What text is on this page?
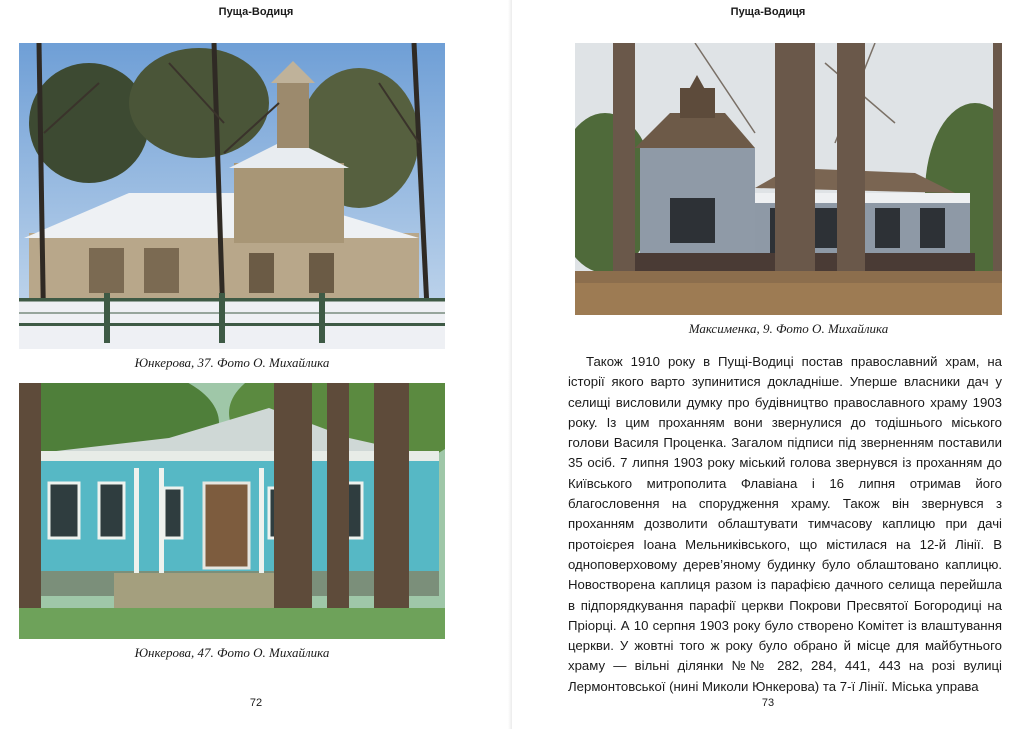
Пуща-Водиця
Юнкерова, 37. Фото О. Михайлика
Юнкерова, 47. Фото О. Михайлика
72
Пуща-Водиця
Максименка, 9. Фото О. Михайлика
73

Також 1910 року в Пущі-Водиці постав православний храм, на історії якого варто зупинитися докладніше. Уперше власники дач у селищі висловили думку про будівництво православного храму 1903 року. Із цим проханням вони звернулися до тодішнього міського голови Василя Проценка. Загалом підписи під зверненням поставили 35 осіб. 7 липня 1903 року міський голова звернувся із проханням до Київського митрополита Флавіана і 16 липня отримав його благословення на спорудження храму. Також він звернувся з проханням дозволити облаштувати тимчасову каплицю при дачі протоієрея Іоана Мельниківського, що містилася на 12-й Лінії. В одноповерховому дерев’яному будинку було облаштовано каплицю. Новостворена каплиця разом із парафією дачного селища перейшла в підпорядкування парафії церкви Покрови Пресвятої Богородиці на Пріорці. А 10 серпня 1903 року було створено Комітет із влаштування церкви. У жовтні того ж року було обрано й місце для майбутнього храму — вільні ділянки №№ 282, 284, 441, 443 на розі вулиці Лермонтовської (нині Миколи Юнкерова) та 7-ї Лінії. Міська управа
